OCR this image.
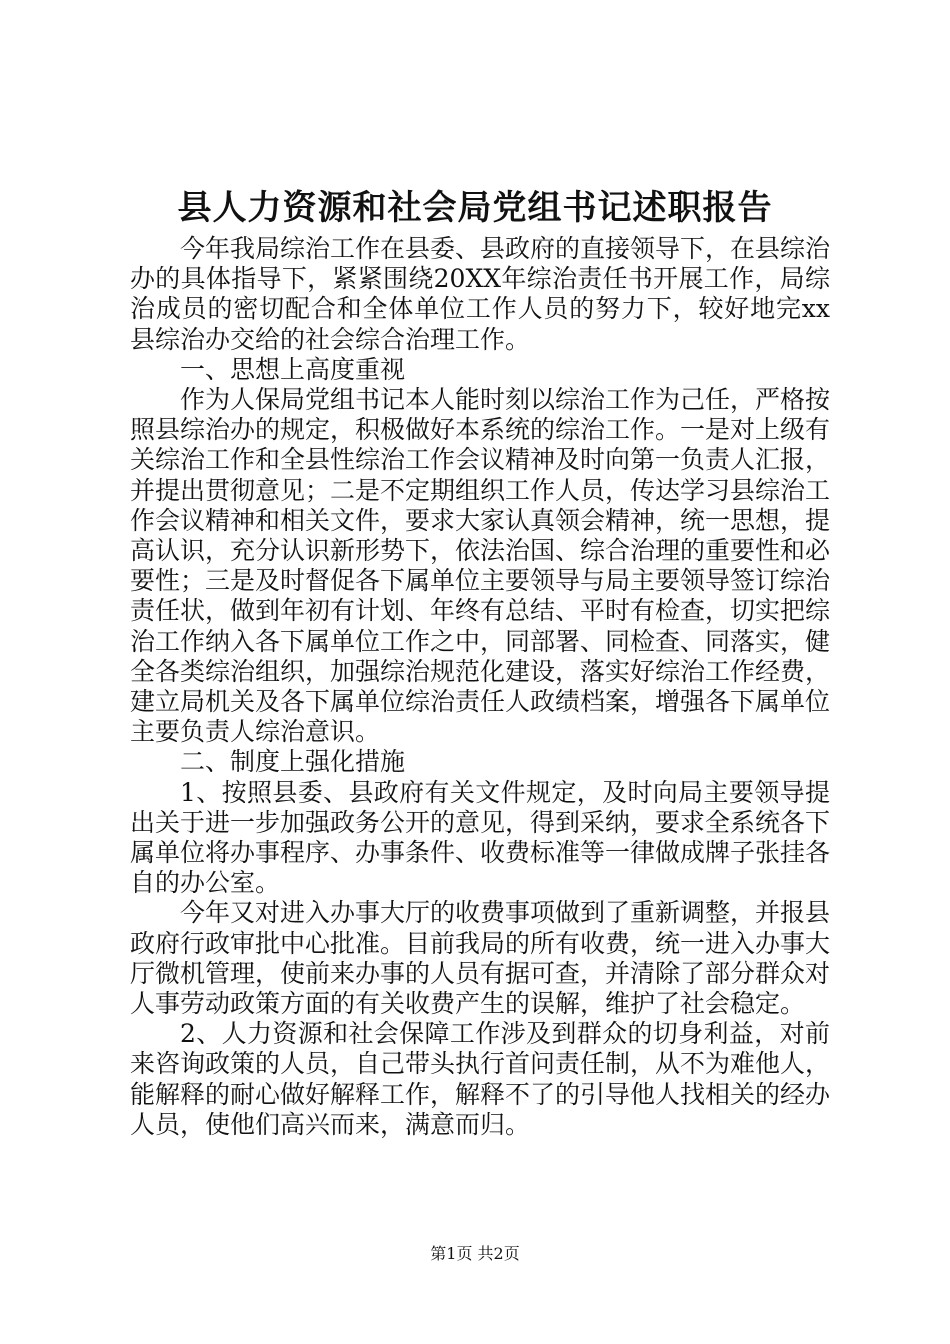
县人力资源和社会局党组书记述职报告

今年我局综治工作在县委、县政府的直接领导下，在县综治办的具体指导下，紧紧围绕20XX年综治责任书开展工作，局综治成员的密切配合和全体单位工作人员的努力下，较好地完xx县综治办交给的社会综合治理工作。

一、思想上高度重视

作为人保局党组书记本人能时刻以综治工作为己任，严格按照县综治办的规定，积极做好本系统的综治工作。一是对上级有关综治工作和全县性综治工作会议精神及时向第一负责人汇报，并提出贯彻意见；二是不定期组织工作人员，传达学习县综治工作会议精神和相关文件，要求大家认真领会精神，统一思想，提高认识，充分认识新形势下，依法治国、综合治理的重要性和必要性；三是及时督促各下属单位主要领导与局主要领导签订综治责任状，做到年初有计划、年终有总结、平时有检查，切实把综治工作纳入各下属单位工作之中，同部署、同检查、同落实，健全各类综治组织，加强综治规范化建设，落实好综治工作经费，建立局机关及各下属单位综治责任人政绩档案，增强各下属单位主要负责人综治意识。

二、制度上强化措施

1、按照县委、县政府有关文件规定，及时向局主要领导提出关于进一步加强政务公开的意见，得到采纳，要求全系统各下属单位将办事程序、办事条件、收费标准等一律做成牌子张挂各自的办公室。

今年又对进入办事大厅的收费事项做到了重新调整，并报县政府行政审批中心批准。目前我局的所有收费，统一进入办事大厅微机管理，使前来办事的人员有据可查，并清除了部分群众对人事劳动政策方面的有关收费产生的误解，维护了社会稳定。

2、人力资源和社会保障工作涉及到群众的切身利益，对前来咨询政策的人员，自己带头执行首问责任制，从不为难他人，能解释的耐心做好解释工作，解释不了的引导他人找相关的经办人员，使他们高兴而来，满意而归。

第1页 共2页
